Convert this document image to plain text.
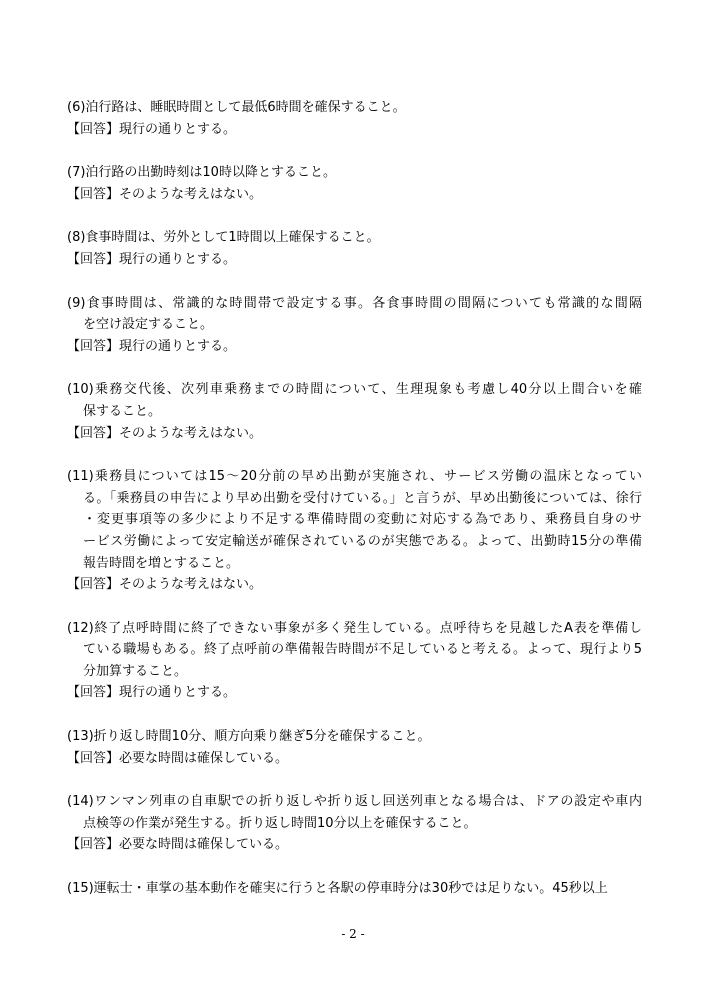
(6)泊行路は、睡眠時間として最低6時間を確保すること。
【回答】現行の通りとする。
(7)泊行路の出勤時刻は10時以降とすること。
【回答】そのような考えはない。
(8)食事時間は、労外として1時間以上確保すること。
【回答】現行の通りとする。
(9)食事時間は、常識的な時間帯で設定する事。各食事時間の間隔についても常識的な間隔
を空け設定すること。
【回答】現行の通りとする。
(10)乗務交代後、次列車乗務までの時間について、生理現象も考慮し40分以上間合いを確
保すること。
【回答】そのような考えはない。
(11)乗務員については15～20分前の早め出勤が実施され、サービス労働の温床となってい
る。「乗務員の申告により早め出勤を受付けている。」と言うが、早め出勤後については、徐行
・変更事項等の多少により不足する準備時間の変動に対応する為であり、乗務員自身のサ
ービス労働によって安定輸送が確保されているのが実態である。よって、出勤時15分の準備
報告時間を増とすること。
【回答】そのような考えはない。
(12)終了点呼時間に終了できない事象が多く発生している。点呼待ちを見越したA表を準備し
ている職場もある。終了点呼前の準備報告時間が不足していると考える。よって、現行より5
分加算すること。
【回答】現行の通りとする。
(13)折り返し時間10分、順方向乗り継ぎ5分を確保すること。
【回答】必要な時間は確保している。
(14)ワンマン列車の自車駅での折り返しや折り返し回送列車となる場合は、ドアの設定や車内
点検等の作業が発生する。折り返し時間10分以上を確保すること。
【回答】必要な時間は確保している。
(15)運転士・車掌の基本動作を確実に行うと各駅の停車時分は30秒では足りない。45秒以上
- 2 -
